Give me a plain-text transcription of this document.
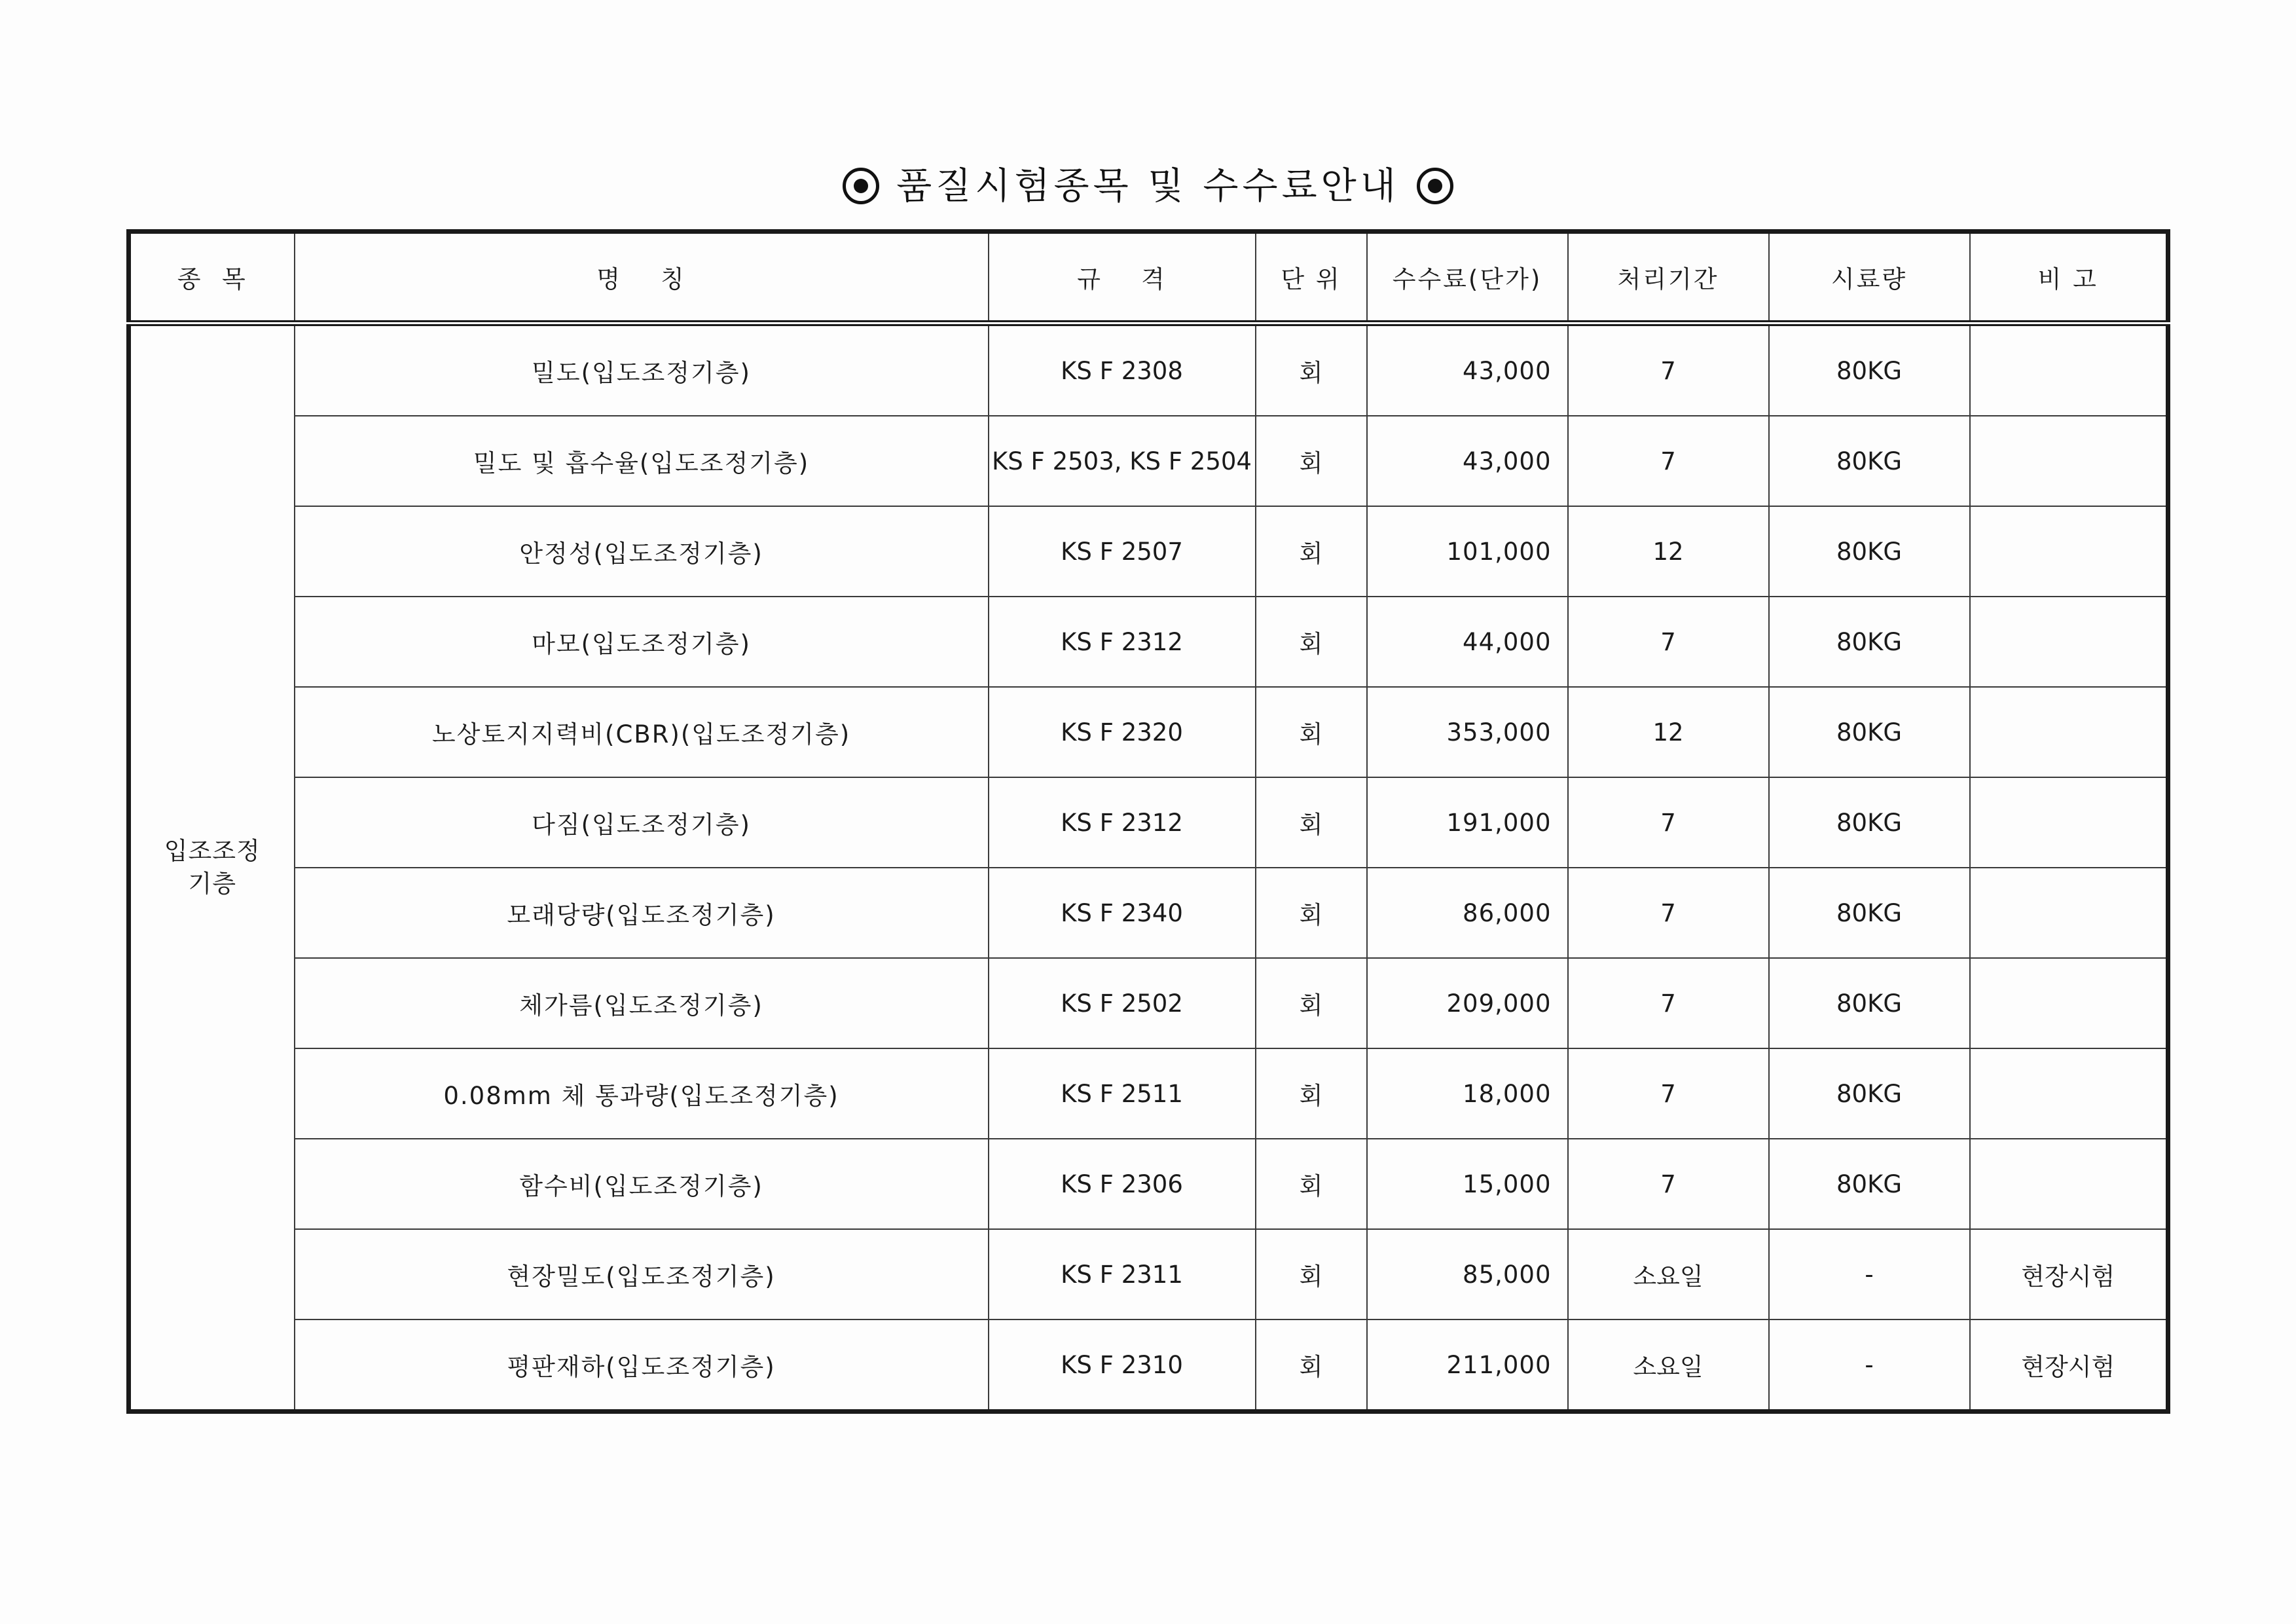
품질시험종목 및 수수료안내
종  목	명    칭	규    격	단 위	수수료(단가)	처리기간	시료량	비 고

입조조정
기층	밀도(입도조정기층)	KS F 2308	회	43,000	7	80KG	
	밀도 및 흡수율(입도조정기층)	KS F 2503, KS F 2504	회	43,000	7	80KG	
	안정성(입도조정기층)	KS F 2507	회	101,000	12	80KG	
	마모(입도조정기층)	KS F 2312	회	44,000	7	80KG	
	노상토지지력비(CBR)(입도조정기층)	KS F 2320	회	353,000	12	80KG	
	다짐(입도조정기층)	KS F 2312	회	191,000	7	80KG	
	모래당량(입도조정기층)	KS F 2340	회	86,000	7	80KG	
	체가름(입도조정기층)	KS F 2502	회	209,000	7	80KG	
	0.08mm 체 통과량(입도조정기층)	KS F 2511	회	18,000	7	80KG	
	함수비(입도조정기층)	KS F 2306	회	15,000	7	80KG	
	현장밀도(입도조정기층)	KS F 2311	회	85,000	소요일	-	현장시험
	평판재하(입도조정기층)	KS F 2310	회	211,000	소요일	-	현장시험
